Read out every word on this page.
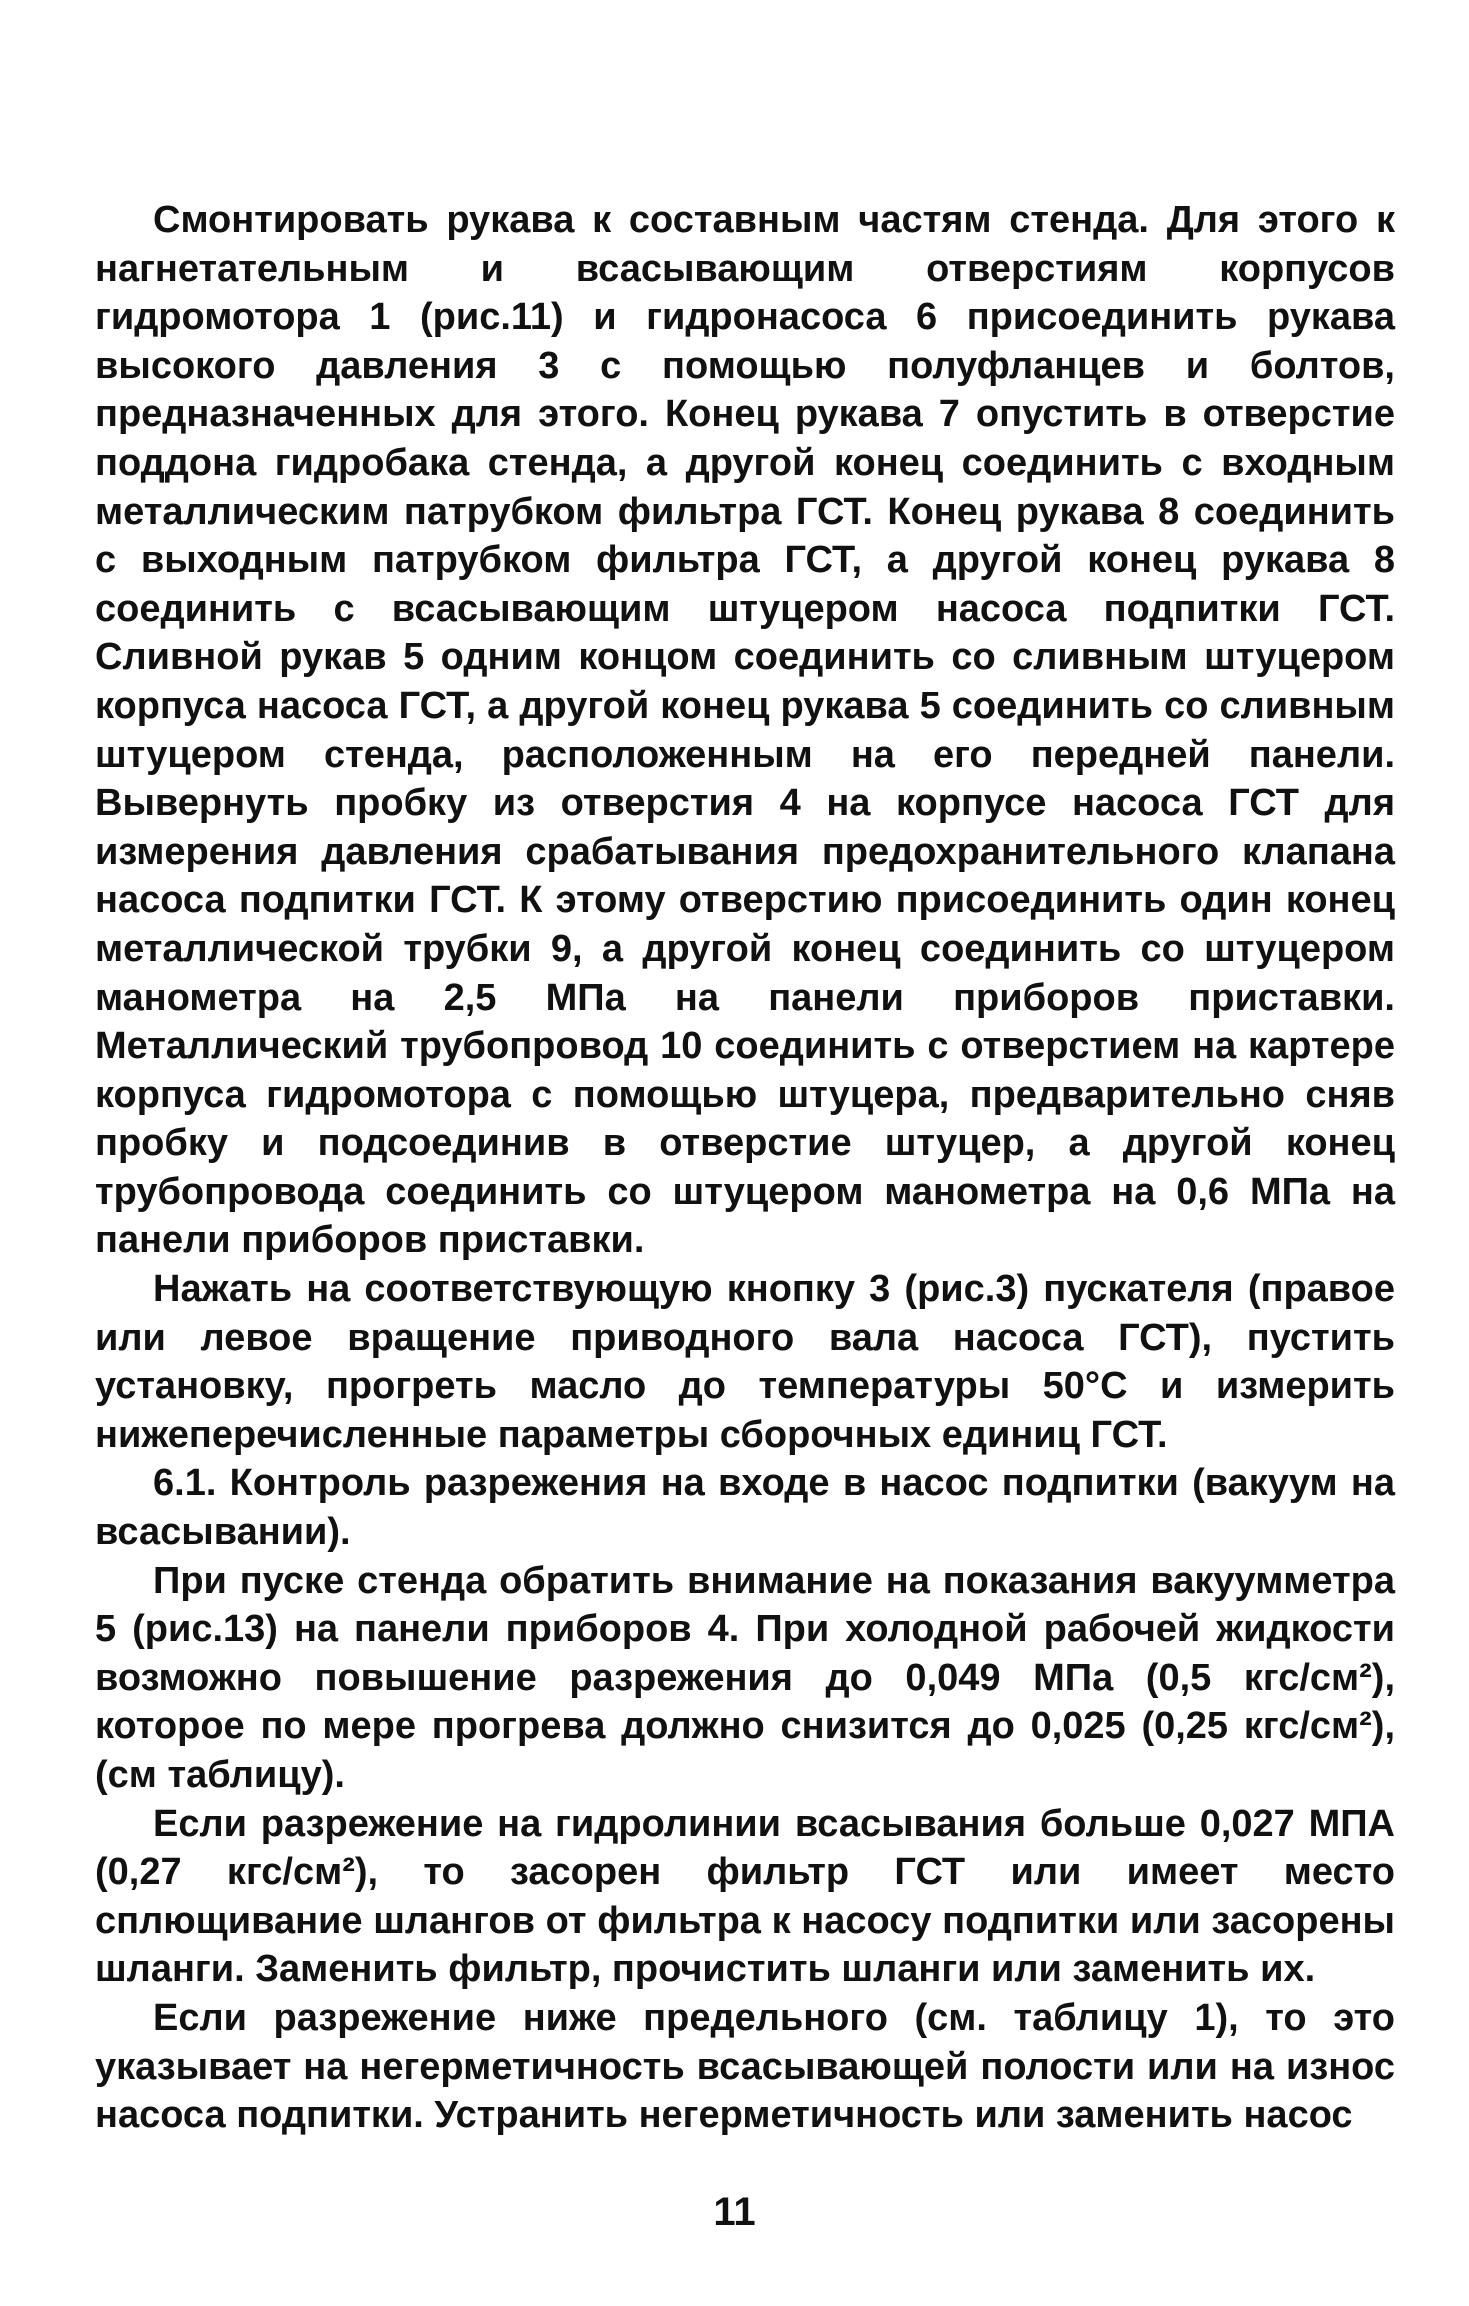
Смонтировать рукава к составным частям стенда. Для этого к нагнетательным и всасывающим отверстиям корпусов гидромотора 1 (рис.11) и гидронасоса 6 присоединить рукава высокого давления 3 с помощью полуфланцев и болтов, предназначенных для этого. Конец рукава 7 опустить в отверстие поддона гидробака стенда, а другой конец соединить с входным металлическим патрубком фильтра ГСТ. Конец рукава 8 соединить с выходным патрубком фильтра ГСТ, а другой конец рукава 8 соединить с всасывающим штуцером насоса подпитки ГСТ. Сливной рукав 5 одним концом соединить со сливным штуцером корпуса насоса ГСТ, а другой конец рукава 5 соединить со сливным штуцером стенда, расположенным на его передней панели. Вывернуть пробку из отверстия 4 на корпусе насоса ГСТ для измерения давления срабатывания предохранительного клапана насоса подпитки ГСТ. К этому отверстию присоединить один конец металлической трубки 9, а другой конец соединить со штуцером манометра на 2,5 МПа на панели приборов приставки. Металлический трубопровод 10 соединить с отверстием на картере корпуса гидромотора с помощью штуцера, предварительно сняв пробку и подсоединив в отверстие штуцер, а другой конец трубопровода соединить со штуцером манометра на 0,6 МПа на панели приборов приставки.

Нажать на соответствующую кнопку 3 (рис.3) пускателя (правое или левое вращение приводного вала насоса ГСТ), пустить установку, прогреть масло до температуры 50°С и измерить нижеперечисленные параметры сборочных единиц ГСТ.

6.1. Контроль разрежения на входе в насос подпитки (вакуум на всасывании).

При пуске стенда обратить внимание на показания вакуумметра 5 (рис.13) на панели приборов 4. При холодной рабочей жидкости возможно повышение разрежения до 0,049 МПа (0,5 кгс/см²), которое по мере прогрева должно снизится до 0,025 (0,25 кгс/см²), (см таблицу).

Если разрежение на гидролинии всасывания больше 0,027 МПА (0,27 кгс/см²), то засорен фильтр ГСТ или имеет место сплющивание шлангов от фильтра к насосу подпитки или засорены шланги. Заменить фильтр, прочистить шланги или заменить их.

Если разрежение ниже предельного (см. таблицу 1), то это указывает на негерметичность всасывающей полости или на износ насоса подпитки. Устранить негерметичность или заменить насос

11
